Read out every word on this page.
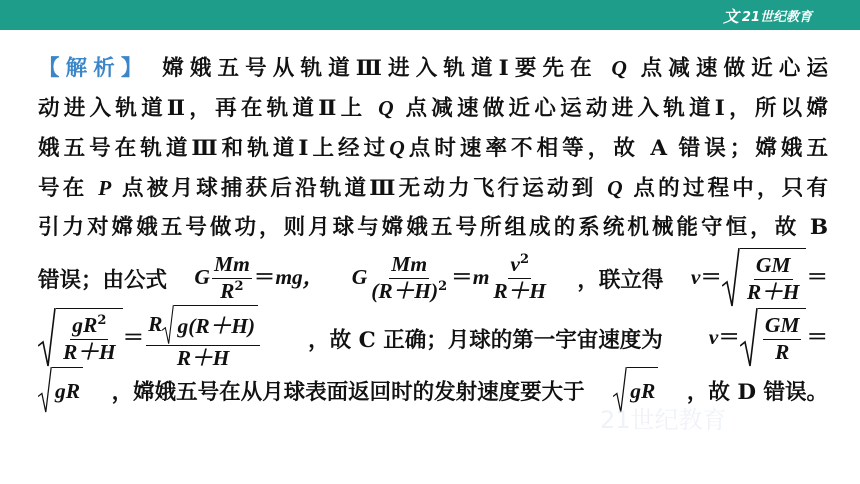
文 21世纪教育
【解析】 嫦娥五号从轨道Ⅲ进入轨道Ⅰ要先在 Q 点减速做近心运
动进入轨道Ⅱ，再在轨道Ⅱ上 Q 点减速做近心运动进入轨道Ⅰ，所以嫦
娥五号在轨道Ⅲ和轨道Ⅰ上经过Q点时速率不相等，故 A 错误；嫦娥五
号在 P 点被月球捕获后沿轨道Ⅲ无动力飞行运动到 Q 点的过程中，只有
引力对嫦娥五号做功，则月球与嫦娥五号所组成的系统机械能守恒，故 B
错误；由公式 G $\frac{Mm}{R^2} =mg$， G $\frac{Mm}{(R+H)^2} =m \frac{v^2}{R+H}$ ，联立得 $v= \frac{GM}{R+H}$ ＝
$\frac{gR^2}{R+H} = \frac{\text{R g(R＋H)}}{R+H}$ ，故 C 正确；月球的第一宇宙速度为 $v= \frac{GM}{R}$ ＝
gR ，嫦娥五号在从月球表面返回时的发射速度要大于 gR ，故 D 错误。
21世纪教育
